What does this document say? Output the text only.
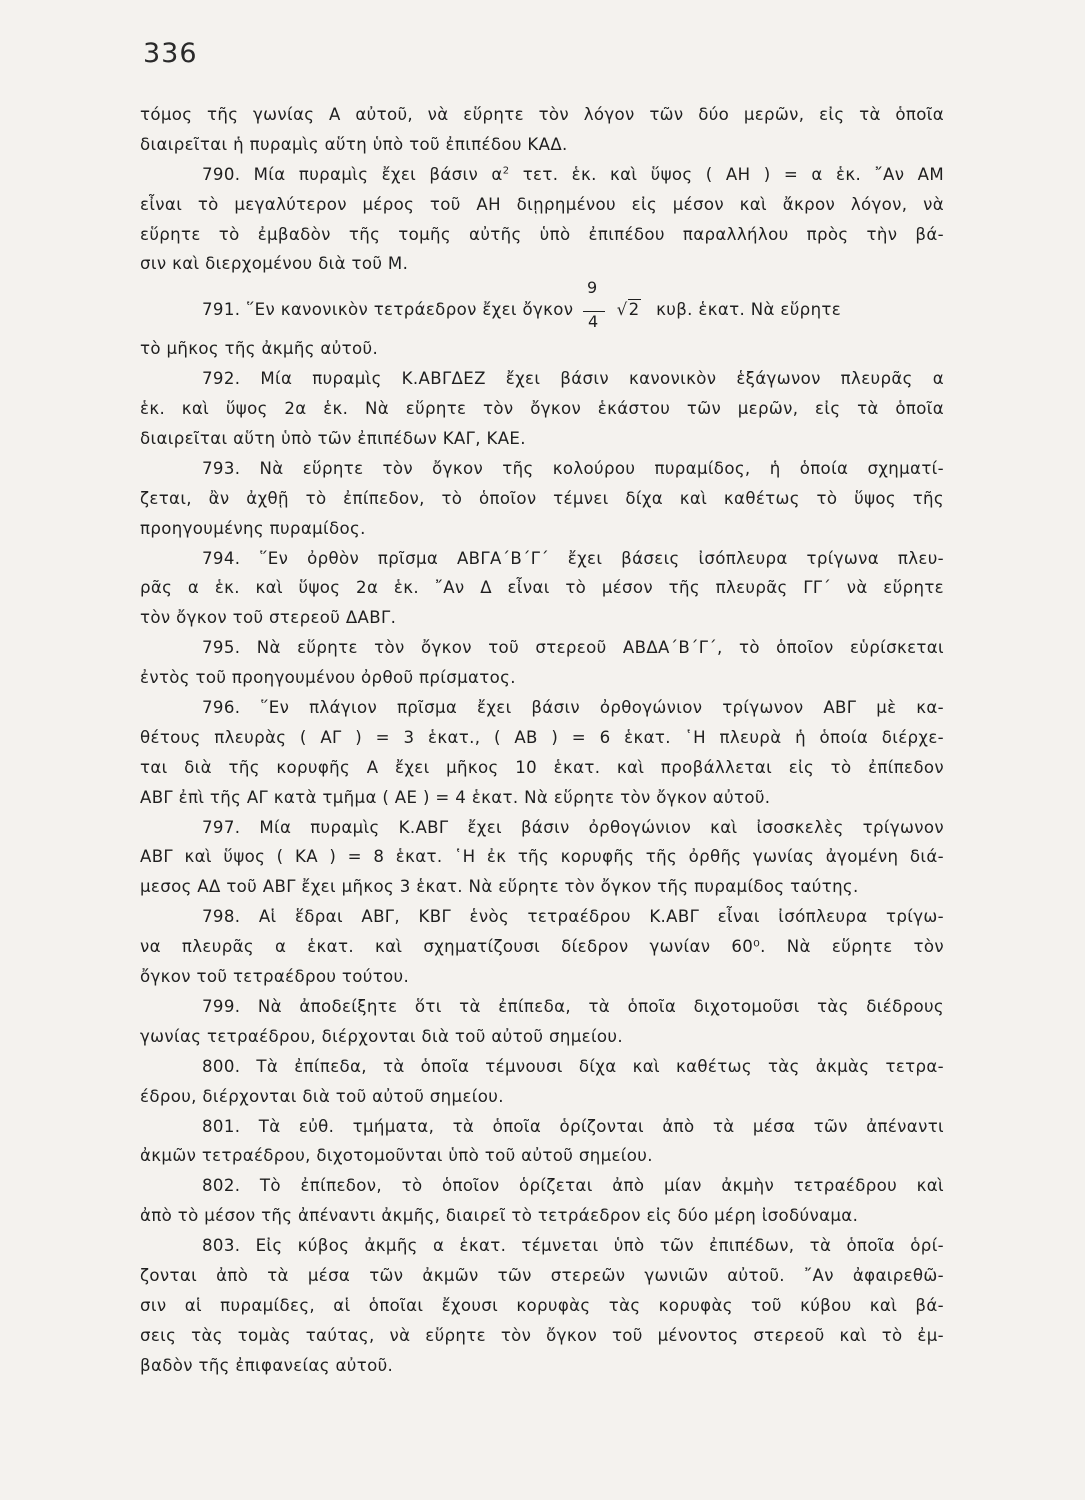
336
τόμος τῆς γωνίας Α αὐτοῦ, νὰ εὕρητε τὸν λόγον τῶν δύο μερῶν, εἰς τὰ ὁποῖα
διαιρεῖται ἡ πυραμὶς αὕτη ὑπὸ τοῦ ἐπιπέδου ΚΑΔ.
790. Μία πυραμὶς ἔχει βάσιν $\alpha^2$ τετ. ἑκ. καὶ ὕψος ( ΑΗ ) = α ἑκ. ῎Αν ΑΜ
εἶναι τὸ μεγαλύτερον μέρος τοῦ ΑΗ διῃρημένου εἰς μέσον καὶ ἄκρον λόγον, νὰ
εὕρητε τὸ ἐμβαδὸν τῆς τομῆς αὐτῆς ὑπὸ ἐπιπέδου παραλλήλου πρὸς τὴν βά-
σιν καὶ διερχομένου διὰ τοῦ Μ.
791. ῞Εν κανονικὸν τετράεδρον ἔχει ὄγκον $\frac{9}{4} √2$ κυβ. ἑκατ. Νὰ εὕρητε
τὸ μῆκος τῆς ἀκμῆς αὐτοῦ.
792. Μία πυραμὶς Κ.ΑΒΓΔΕΖ ἔχει βάσιν κανονικὸν ἑξάγωνον πλευρᾶς α
ἑκ. καὶ ὕψος 2α ἑκ. Νὰ εὕρητε τὸν ὄγκον ἑκάστου τῶν μερῶν, εἰς τὰ ὁποῖα
διαιρεῖται αὕτη ὑπὸ τῶν ἐπιπέδων ΚΑΓ, ΚΑΕ.
793. Νὰ εὕρητε τὸν ὄγκον τῆς κολούρου πυραμίδος, ἡ ὁποία σχηματί-
ζεται, ἂν ἀχθῇ τὸ ἐπίπεδον, τὸ ὁποῖον τέμνει δίχα καὶ καθέτως τὸ ὕψος τῆς
προηγουμένης πυραμίδος.
794. ῞Εν ὀρθὸν πρῖσμα ΑΒΓΑ΄Β΄Γ΄ ἔχει βάσεις ἰσόπλευρα τρίγωνα πλευ-
ρᾶς α ἑκ. καὶ ὕψος 2α ἑκ. ῎Αν Δ εἶναι τὸ μέσον τῆς πλευρᾶς ΓΓ΄ νὰ εὕρητε
τὸν ὄγκον τοῦ στερεοῦ ΔΑΒΓ.
795. Νὰ εὕρητε τὸν ὄγκον τοῦ στερεοῦ ΑΒΔΑ΄Β΄Γ΄, τὸ ὁποῖον εὑρίσκεται
ἐντὸς τοῦ προηγουμένου ὀρθοῦ πρίσματος.
796. ῞Εν πλάγιον πρῖσμα ἔχει βάσιν ὀρθογώνιον τρίγωνον ΑΒΓ μὲ κα-
θέτους πλευρὰς ( ΑΓ ) = 3 ἑκατ., ( ΑΒ ) = 6 ἑκατ. ῾Η πλευρὰ ἡ ὁποία διέρχε-
ται διὰ τῆς κορυφῆς Α ἔχει μῆκος 10 ἑκατ. καὶ προβάλλεται εἰς τὸ ἐπίπεδον
ΑΒΓ ἐπὶ τῆς ΑΓ κατὰ τμῆμα ( ΑΕ ) = 4 ἑκατ. Νὰ εὕρητε τὸν ὄγκον αὐτοῦ.
797. Μία πυραμὶς Κ.ΑΒΓ ἔχει βάσιν ὀρθογώνιον καὶ ἰσοσκελὲς τρίγωνον
ΑΒΓ καὶ ὕψος ( ΚΑ ) = 8 ἑκατ. ῾Η ἐκ τῆς κορυφῆς τῆς ὀρθῆς γωνίας ἀγομένη διά-
μεσος ΑΔ τοῦ ΑΒΓ ἔχει μῆκος 3 ἑκατ. Νὰ εὕρητε τὸν ὄγκον τῆς πυραμίδος ταύτης.
798. Αἱ ἕδραι ΑΒΓ, ΚΒΓ ἑνὸς τετραέδρου Κ.ΑΒΓ εἶναι ἰσόπλευρα τρίγω-
να πλευρᾶς α ἑκατ. καὶ σχηματίζουσι δίεδρον γωνίαν 60⁰. Νὰ εὕρητε τὸν
ὄγκον τοῦ τετραέδρου τούτου.
799. Νὰ ἀποδείξητε ὅτι τὰ ἐπίπεδα, τὰ ὁποῖα διχοτομοῦσι τὰς διέδρους
γωνίας τετραέδρου, διέρχονται διὰ τοῦ αὐτοῦ σημείου.
800. Τὰ ἐπίπεδα, τὰ ὁποῖα τέμνουσι δίχα καὶ καθέτως τὰς ἀκμὰς τετρα-
έδρου, διέρχονται διὰ τοῦ αὐτοῦ σημείου.
801. Τὰ εὐθ. τμήματα, τὰ ὁποῖα ὁρίζονται ἀπὸ τὰ μέσα τῶν ἀπέναντι
ἀκμῶν τετραέδρου, διχοτομοῦνται ὑπὸ τοῦ αὐτοῦ σημείου.
802. Τὸ ἐπίπεδον, τὸ ὁποῖον ὁρίζεται ἀπὸ μίαν ἀκμὴν τετραέδρου καὶ
ἀπὸ τὸ μέσον τῆς ἀπέναντι ἀκμῆς, διαιρεῖ τὸ τετράεδρον εἰς δύο μέρη ἰσοδύναμα.
803. Εἰς κύβος ἀκμῆς α ἑκατ. τέμνεται ὑπὸ τῶν ἐπιπέδων, τὰ ὁποῖα ὁρί-
ζονται ἀπὸ τὰ μέσα τῶν ἀκμῶν τῶν στερεῶν γωνιῶν αὐτοῦ. ῎Αν ἀφαιρεθῶ-
σιν αἱ πυραμίδες, αἱ ὁποῖαι ἔχουσι κορυφὰς τὰς κορυφὰς τοῦ κύβου καὶ βά-
σεις τὰς τομὰς ταύτας, νὰ εὕρητε τὸν ὄγκον τοῦ μένοντος στερεοῦ καὶ τὸ ἐμ-
βαδὸν τῆς ἐπιφανείας αὐτοῦ.
